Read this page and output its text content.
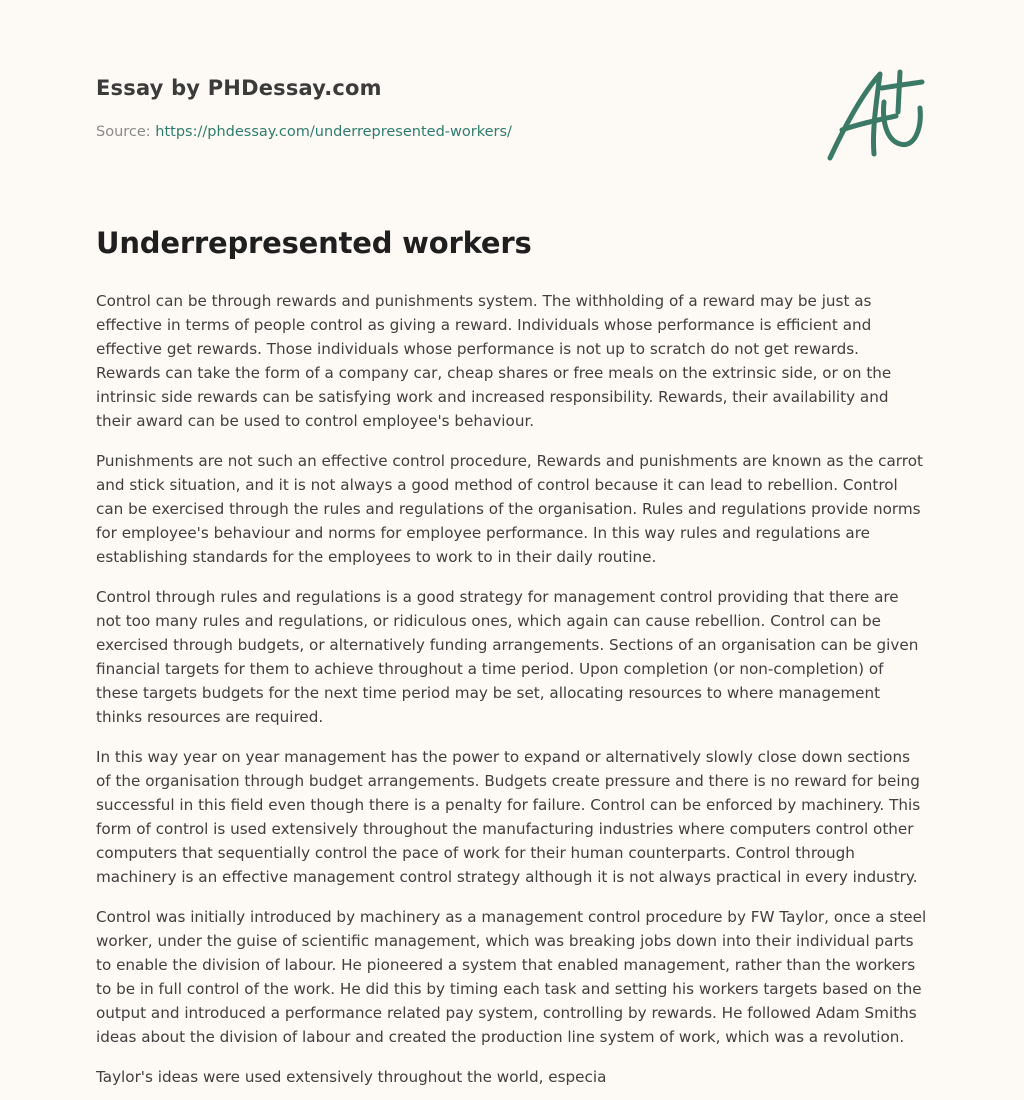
Essay by PHDessay.com
Source: https://phdessay.com/underrepresented-workers/
Underrepresented workers

Control can be through rewards and punishments system. The withholding of a reward may be just as effective in terms of people control as giving a reward. Individuals whose performance is efficient and effective get rewards. Those individuals whose performance is not up to scratch do not get rewards. Rewards can take the form of a company car, cheap shares or free meals on the extrinsic side, or on the intrinsic side rewards can be satisfying work and increased responsibility. Rewards, their availability and their award can be used to control employee's behaviour.

Punishments are not such an effective control procedure, Rewards and punishments are known as the carrot and stick situation, and it is not always a good method of control because it can lead to rebellion. Control can be exercised through the rules and regulations of the organisation. Rules and regulations provide norms for employee's behaviour and norms for employee performance. In this way rules and regulations are establishing standards for the employees to work to in their daily routine.

Control through rules and regulations is a good strategy for management control providing that there are not too many rules and regulations, or ridiculous ones, which again can cause rebellion. Control can be exercised through budgets, or alternatively funding arrangements. Sections of an organisation can be given financial targets for them to achieve throughout a time period. Upon completion (or non-completion) of these targets budgets for the next time period may be set, allocating resources to where management thinks resources are required.

In this way year on year management has the power to expand or alternatively slowly close down sections of the organisation through budget arrangements. Budgets create pressure and there is no reward for being successful in this field even though there is a penalty for failure. Control can be enforced by machinery. This form of control is used extensively throughout the manufacturing industries where computers control other computers that sequentially control the pace of work for their human counterparts. Control through machinery is an effective management control strategy although it is not always practical in every industry.

Control was initially introduced by machinery as a management control procedure by FW Taylor, once a steel worker, under the guise of scientific management, which was breaking jobs down into their individual parts to enable the division of labour. He pioneered a system that enabled management, rather than the workers to be in full control of the work. He did this by timing each task and setting his workers targets based on the output and introduced a performance related pay system, controlling by rewards. He followed Adam Smiths ideas about the division of labour and created the production line system of work, which was a revolution.

Taylor's ideas were used extensively throughout the world, especia
